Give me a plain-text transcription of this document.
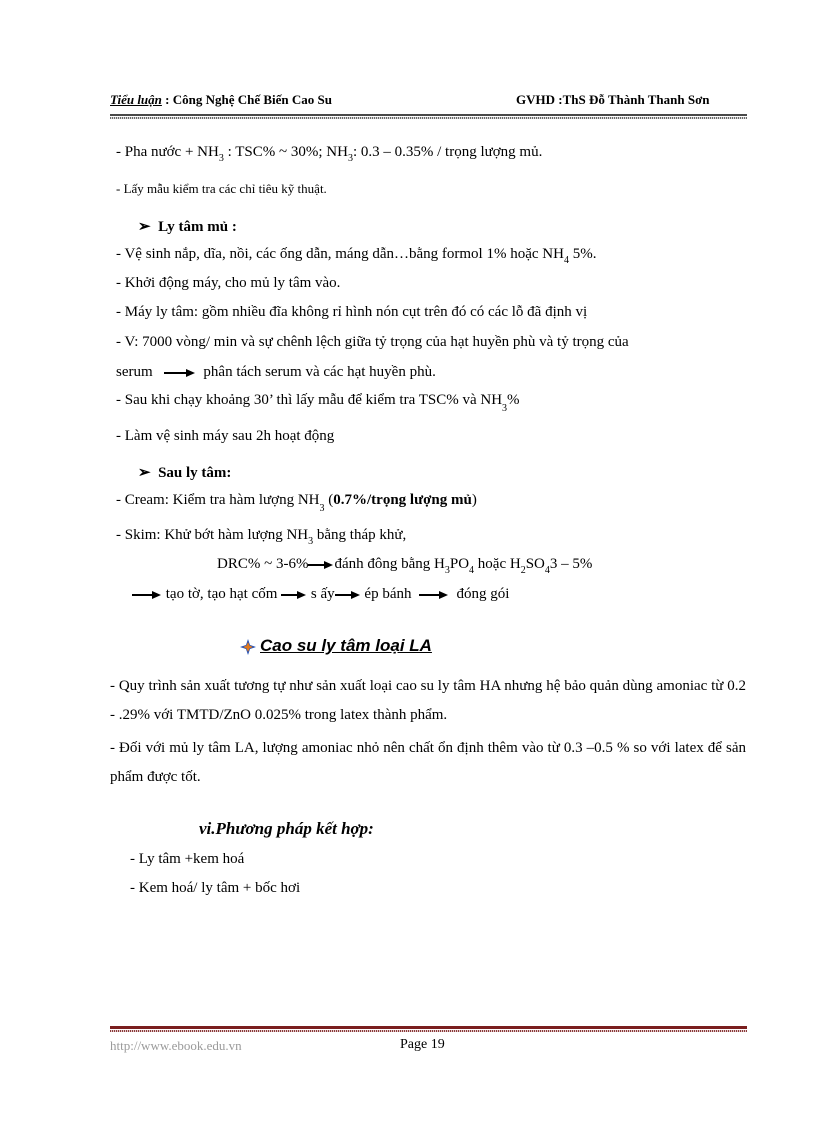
Tiểu luận : Công Nghệ Chế Biến Cao Su	GVHD :ThS Đỗ Thành Thanh Sơn
- Pha nước + $NH_3$ : TSC% ~ 30%; $NH_3$: 0.3 – 0.35% / trọng lượng mủ.
- Lấy mẫu kiểm tra các chỉ tiêu kỹ thuật.
➢ Ly tâm mủ :
- Vệ sinh nắp, dĩa, nồi, các ống dẫn, máng dẫn…bằng formol 1% hoặc $NH_4$ 5%.
- Khởi động máy, cho mủ ly tâm vào.
- Máy ly tâm: gồm nhiều đĩa không rỉ hình nón cụt trên đó có các lỗ đã định vị
- V: 7000 vòng/ min và sự chênh lệch giữa tỷ trọng của hạt huyền phù và tỷ trọng của
serum	phân tách serum và các hạt huyền phù.
- Sau khi chạy khoảng 30’ thì lấy mẫu để kiểm tra TSC% và $NH_3\%$
- Làm vệ sinh máy sau 2h hoạt động
➢ Sau ly tâm:
- Cream: Kiểm tra hàm lượng $NH_3$ (0.7%/trọng lượng mủ)
- Skim: Khử bớt hàm lượng $NH_3$ bằng tháp khử,
DRC% ~ 3-6% đánh đông bằng $H_3PO_4$ hoặc $H_2SO_43 - 5\%$
tạo tờ, tạo hạt cốm s ấy ép bánh	đóng gói
Cao su ly tâm loại LA
- Quy trình sản xuất tương tự như sản xuất loại cao su ly tâm HA nhưng hệ bảo quản dùng amoniac từ 0.2 - .29% với TMTD/ZnO 0.025% trong latex thành phẩm.
- Đối với mủ ly tâm LA, lượng amoniac nhỏ nên chất ổn định thêm vào từ 0.3 –0.5 % so với latex để sản phẩm được tốt.
vi.Phương pháp kết hợp:
- Ly tâm +kem hoá
- Kem hoá/ ly tâm + bốc hơi
http://www.ebook.edu.vn	Page 19
